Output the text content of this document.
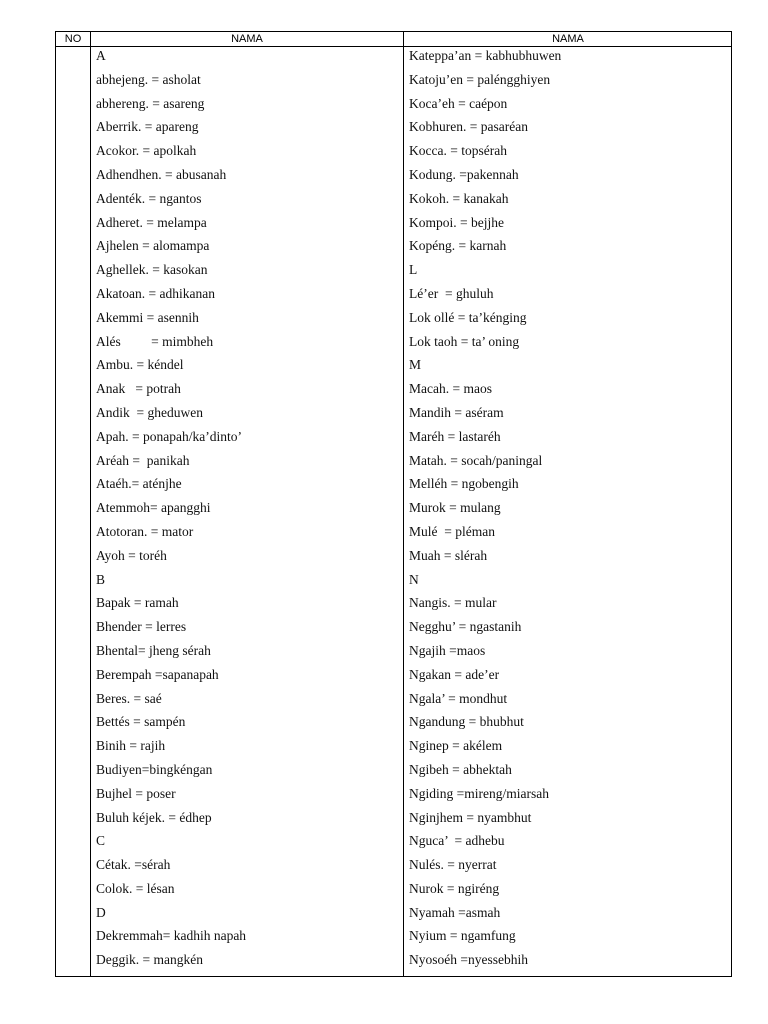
NO	NAMA	NAMA
A
abhejeng. = asholat
abhereng. = asareng
Aberrik. = apareng
Acokor. = apolkah
Adhendhen. = abusanah
Adenték. = ngantos
Adheret. = melampa
Ajhelen = alomampa
Aghellek. = kasokan
Akatoan. = adhikanan
Akemmi = asennih
Alés         = mimbheh
Ambu. = kéndel
Anak   = potrah
Andik  = gheduwen
Apah. = ponapah/ka’dinto’
Aréah =  panikah
Ataéh.= aténjhe
Atemmoh= apangghi
Atotoran. = mator
Ayoh = toréh
B
Bapak = ramah
Bhender = lerres
Bhental= jheng sérah
Berempah =sapanapah
Beres. = saé
Bettés = sampén
Binih = rajih
Budiyen=bingkéngan
Bujhel = poser
Buluh kéjek. = édhep
C
Cétak. =sérah
Colok. = lésan
D
Dekremmah= kadhih napah
Deggik. = mangkén
Kateppa’an = kabhubhuwen
Katoju’en = paléngghiyen
Koca’eh = caépon
Kobhuren. = pasaréan
Kocca. = topsérah
Kodung. =pakennah
Kokoh. = kanakah
Kompoi. = bejjhe
Kopéng. = karnah
L
Lé’er  = ghuluh
Lok ollé = ta’kénging
Lok taoh = ta’ oning
M
Macah. = maos
Mandih = aséram
Maréh = lastaréh
Matah. = socah/paningal
Melléh = ngobengih
Murok = mulang
Mulé  = pléman
Muah = slérah
N
Nangis. = mular
Negghu’ = ngastanih
Ngajih =maos
Ngakan = ade’er
Ngala’ = mondhut
Ngandung = bhubhut
Nginep = akélem
Ngibeh = abhektah
Ngiding =mireng/miarsah
Nginjhem = nyambhut
Nguca’  = adhebu
Nulés. = nyerrat
Nurok = ngiréng
Nyamah =asmah
Nyium = ngamfung
Nyosoéh =nyessebhih
